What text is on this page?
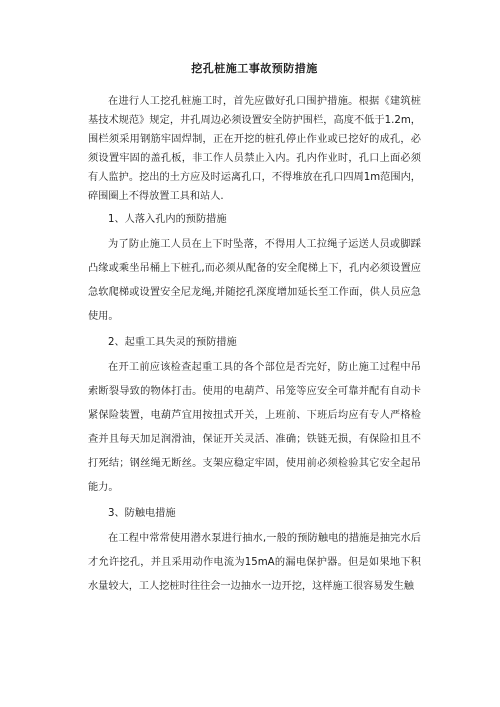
挖孔桩施工事故预防措施

在进行人工挖孔桩施工时，首先应做好孔口围护措施。根据《建筑桩基技术规范》规定，井孔周边必须设置安全防护围栏，高度不低于1.2m，围栏须采用钢筋牢固焊制，正在开挖的桩孔停止作业或已挖好的成孔，必须设置牢固的盖孔板，非工作人员禁止入内。孔内作业时，孔口上面必须有人监护。挖出的土方应及时运离孔口，不得堆放在孔口四周1m范围内，碎围圈上不得放置工具和站人.

1、人落入孔内的预防措施

为了防止施工人员在上下时坠落，不得用人工拉绳子运送人员或脚踩凸缘或乘坐吊桶上下桩孔,而必须从配备的安全爬梯上下，孔内必须设置应急软爬梯或设置安全尼龙绳,并随挖孔深度增加延长至工作面，供人员应急使用。

2、起重工具失灵的预防措施

在开工前应该检查起重工具的各个部位是否完好，防止施工过程中吊索断裂导致的物体打击。使用的电葫芦、吊笼等应安全可靠并配有自动卡紧保险装置，电葫芦宜用按扭式开关，上班前、下班后均应有专人严格检查并且每天加足润滑油，保证开关灵活、准确；铁链无损，有保险扣且不打死结；钢丝绳无断丝。支架应稳定牢固，使用前必须检验其它安全起吊能力。

3、防触电措施

在工程中常常使用潜水泵进行抽水,一般的预防触电的措施是抽完水后才允许挖孔，并且采用动作电流为15mA的漏电保护器。但是如果地下积水量较大，工人挖桩时往往会一边抽水一边开挖，这样施工很容易发生触
